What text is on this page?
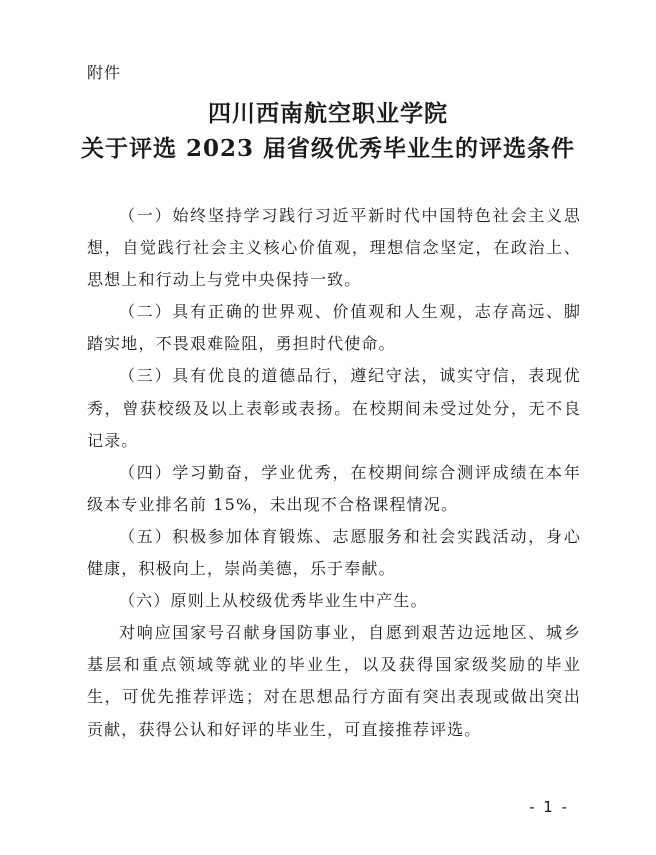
附件
四川西南航空职业学院
关于评选 2023 届省级优秀毕业生的评选条件

（一）始终坚持学习践行习近平新时代中国特色社会主义思想，自觉践行社会主义核心价值观，理想信念坚定，在政治上、思想上和行动上与党中央保持一致。

（二）具有正确的世界观、价值观和人生观，志存高远、脚踏实地，不畏艰难险阻，勇担时代使命。

（三）具有优良的道德品行，遵纪守法，诚实守信，表现优秀，曾获校级及以上表彰或表扬。在校期间未受过处分，无不良记录。

（四）学习勤奋，学业优秀，在校期间综合测评成绩在本年级本专业排名前 15%，未出现不合格课程情况。

（五）积极参加体育锻炼、志愿服务和社会实践活动，身心健康，积极向上，崇尚美德，乐于奉献。

（六）原则上从校级优秀毕业生中产生。

对响应国家号召献身国防事业，自愿到艰苦边远地区、城乡基层和重点领域等就业的毕业生，以及获得国家级奖励的毕业生，可优先推荐评选；对在思想品行方面有突出表现或做出突出贡献，获得公认和好评的毕业生，可直接推荐评选。

- 1 -
